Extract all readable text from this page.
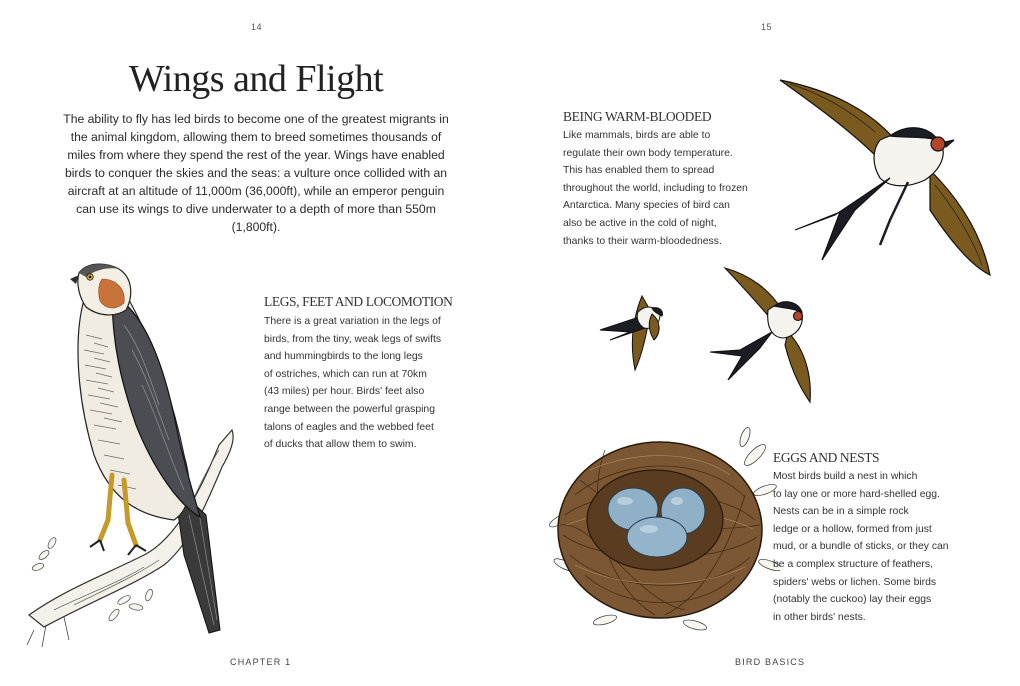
14
Wings and Flight

The ability to fly has led birds to become one of the greatest migrants in the animal kingdom, allowing them to breed sometimes thousands of miles from where they spend the rest of the year. Wings have enabled birds to conquer the skies and the seas: a vulture once collided with an aircraft at an altitude of 11,000m (36,000ft), while an emperor penguin can use its wings to dive underwater to a depth of more than 550m (1,800ft).

LEGS, FEET AND LOCOMOTION

There is a great variation in the legs of
birds, from the tiny, weak legs of swifts
and hummingbirds to the long legs
of ostriches, which can run at 70km
(43 miles) per hour. Birds' feet also
range between the powerful grasping
talons of eagles and the webbed feet
of ducks that allow them to swim.

CHAPTER 1
15
BEING WARM-BLOODED

Like mammals, birds are able to
regulate their own body temperature.
This has enabled them to spread
throughout the world, including to frozen
Antarctica. Many species of bird can
also be active in the cold of night,
thanks to their warm-bloodedness.

EGGS AND NESTS

Most birds build a nest in which
to lay one or more hard-shelled egg.
Nests can be in a simple rock
ledge or a hollow, formed from just
mud, or a bundle of sticks, or they can
be a complex structure of feathers,
spiders' webs or lichen. Some birds
(notably the cuckoo) lay their eggs
in other birds' nests.

BIRD BASICS
